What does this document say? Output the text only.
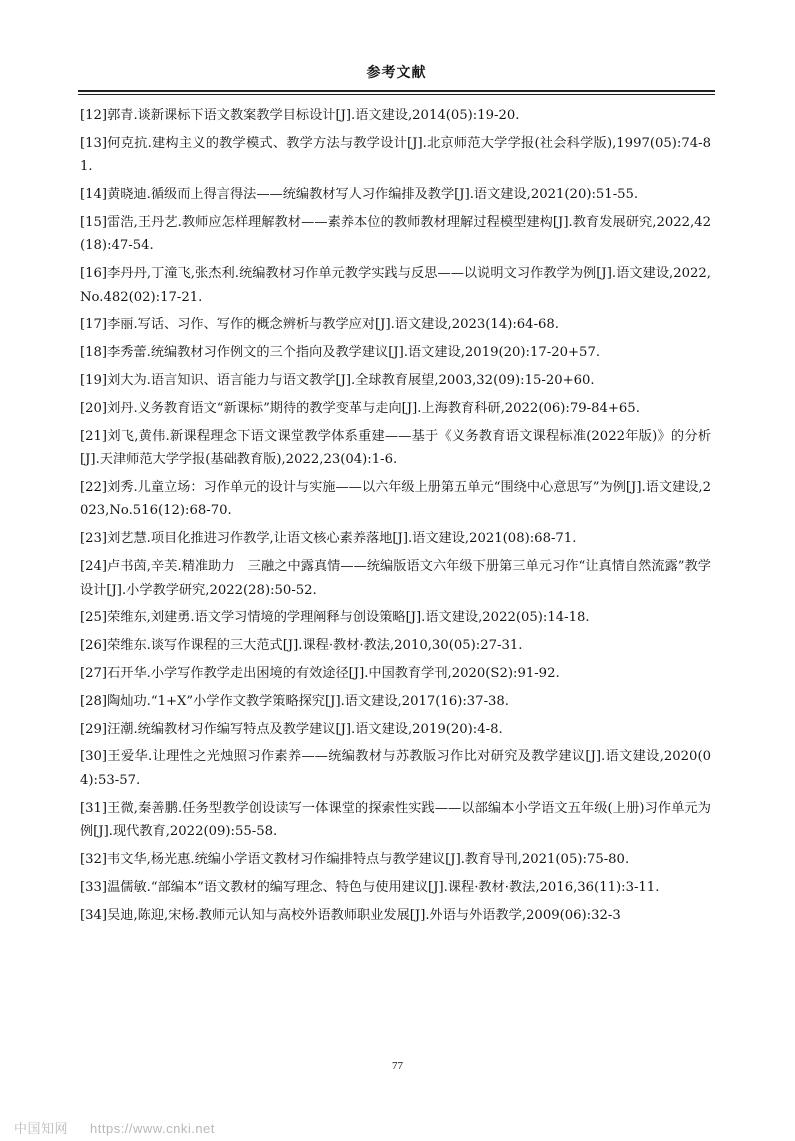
参考文献
[12]郭青.谈新课标下语文教案教学目标设计[J].语文建设,2014(05):19-20.
[13]何克抗.建构主义的教学模式、教学方法与教学设计[J].北京师范大学学报(社会科学版),1997(05):74-81.
[14]黄晓迪.循级而上得言得法——统编教材写人习作编排及教学[J].语文建设,2021(20):51-55.
[15]雷浩,王丹艺.教师应怎样理解教材——素养本位的教师教材理解过程模型建构[J].教育发展研究,2022,42(18):47-54.
[16]李丹丹,丁潼飞,张杰利.统编教材习作单元教学实践与反思——以说明文习作教学为例[J].语文建设,2022,No.482(02):17-21.
[17]李丽.写话、习作、写作的概念辨析与教学应对[J].语文建设,2023(14):64-68.
[18]李秀蕾.统编教材习作例文的三个指向及教学建议[J].语文建设,2019(20):17-20+57.
[19]刘大为.语言知识、语言能力与语文教学[J].全球教育展望,2003,32(09):15-20+60.
[20]刘丹.义务教育语文“新课标”期待的教学变革与走向[J].上海教育科研,2022(06):79-84+65.
[21]刘飞,黄伟.新课程理念下语文课堂教学体系重建——基于《义务教育语文课程标准(2022年版)》的分析[J].天津师范大学学报(基础教育版),2022,23(04):1-6.
[22]刘秀.儿童立场：习作单元的设计与实施——以六年级上册第五单元“围绕中心意思写”为例[J].语文建设,2023,No.516(12):68-70.
[23]刘艺慧.项目化推进习作教学,让语文核心素养落地[J].语文建设,2021(08):68-71.
[24]卢书茵,辛芙.精准助力　三融之中露真情——统编版语文六年级下册第三单元习作“让真情自然流露”教学设计[J].小学教学研究,2022(28):50-52.
[25]荣维东,刘建勇.语文学习情境的学理阐释与创设策略[J].语文建设,2022(05):14-18.
[26]荣维东.谈写作课程的三大范式[J].课程·教材·教法,2010,30(05):27-31.
[27]石开华.小学写作教学走出困境的有效途径[J].中国教育学刊,2020(S2):91-92.
[28]陶灿功.“1+X”小学作文教学策略探究[J].语文建设,2017(16):37-38.
[29]汪潮.统编教材习作编写特点及教学建议[J].语文建设,2019(20):4-8.
[30]王爱华.让理性之光烛照习作素养——统编教材与苏教版习作比对研究及教学建议[J].语文建设,2020(04):53-57.
[31]王微,秦善鹏.任务型教学创设读写一体课堂的探索性实践——以部编本小学语文五年级(上册)习作单元为例[J].现代教育,2022(09):55-58.
[32]韦文华,杨光惠.统编小学语文教材习作编排特点与教学建议[J].教育导刊,2021(05):75-80.
[33]温儒敏.“部编本”语文教材的编写理念、特色与使用建议[J].课程·教材·教法,2016,36(11):3-11.
[34]吴迪,陈迎,宋杨.教师元认知与高校外语教师职业发展[J].外语与外语教学,2009(06):32-3
77
中国知网 https://www.cnki.net
